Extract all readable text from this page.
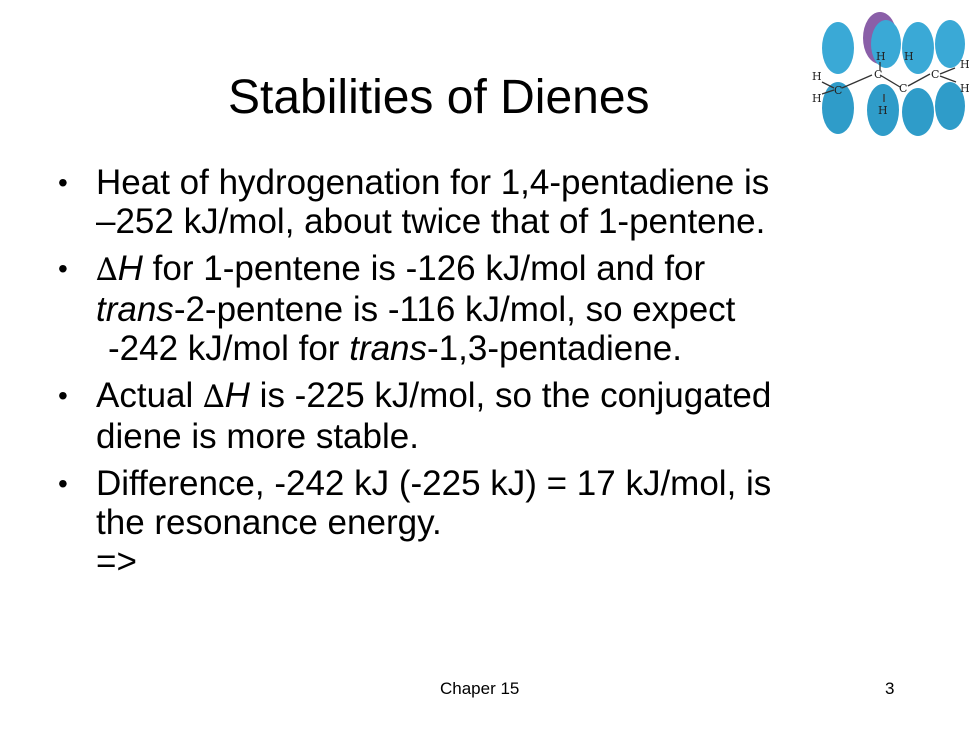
Stabilities of Dienes	H
H
C
C
H
C
H
H
C
H
H
• Heat of hydrogenation for 1,4-pentadiene is
–252 kJ/mol, about twice that of 1-pentene.
• ∆H for 1-pentene is -126 kJ/mol and for
trans-2-pentene is -116 kJ/mol, so expect
-242 kJ/mol for trans-1,3-pentadiene.
• Actual ∆H is -225 kJ/mol, so the conjugated
diene is more stable.
• Difference, -242 kJ (-225 kJ) = 17 kJ/mol, is
the resonance energy.
=>
Chaper 15	3
